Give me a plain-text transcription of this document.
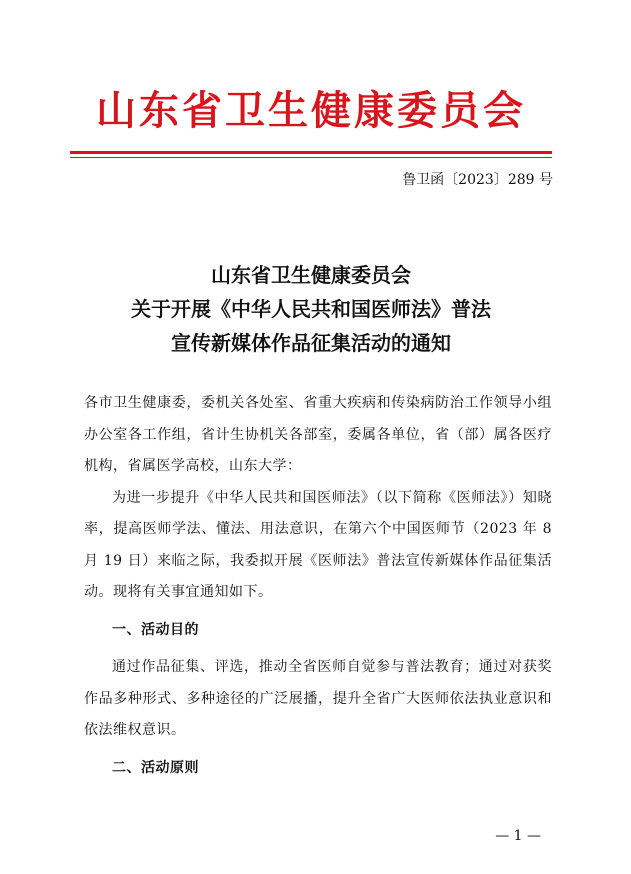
山东省卫生健康委员会
鲁卫函〔2023〕289 号
山东省卫生健康委员会
关于开展《中华人民共和国医师法》普法
宣传新媒体作品征集活动的通知

各市卫生健康委，委机关各处室、省重大疾病和传染病防治工作领导小组办公室各工作组，省计生协机关各部室，委属各单位，省（部）属各医疗机构，省属医学高校，山东大学：

为进一步提升《中华人民共和国医师法》（以下简称《医师法》）知晓率，提高医师学法、懂法、用法意识，在第六个中国医师节（2023 年 8 月 19 日）来临之际，我委拟开展《医师法》普法宣传新媒体作品征集活动。现将有关事宜通知如下。

一、活动目的

通过作品征集、评选，推动全省医师自觉参与普法教育；通过对获奖作品多种形式、多种途径的广泛展播，提升全省广大医师依法执业意识和依法维权意识。

二、活动原则

— 1 —
